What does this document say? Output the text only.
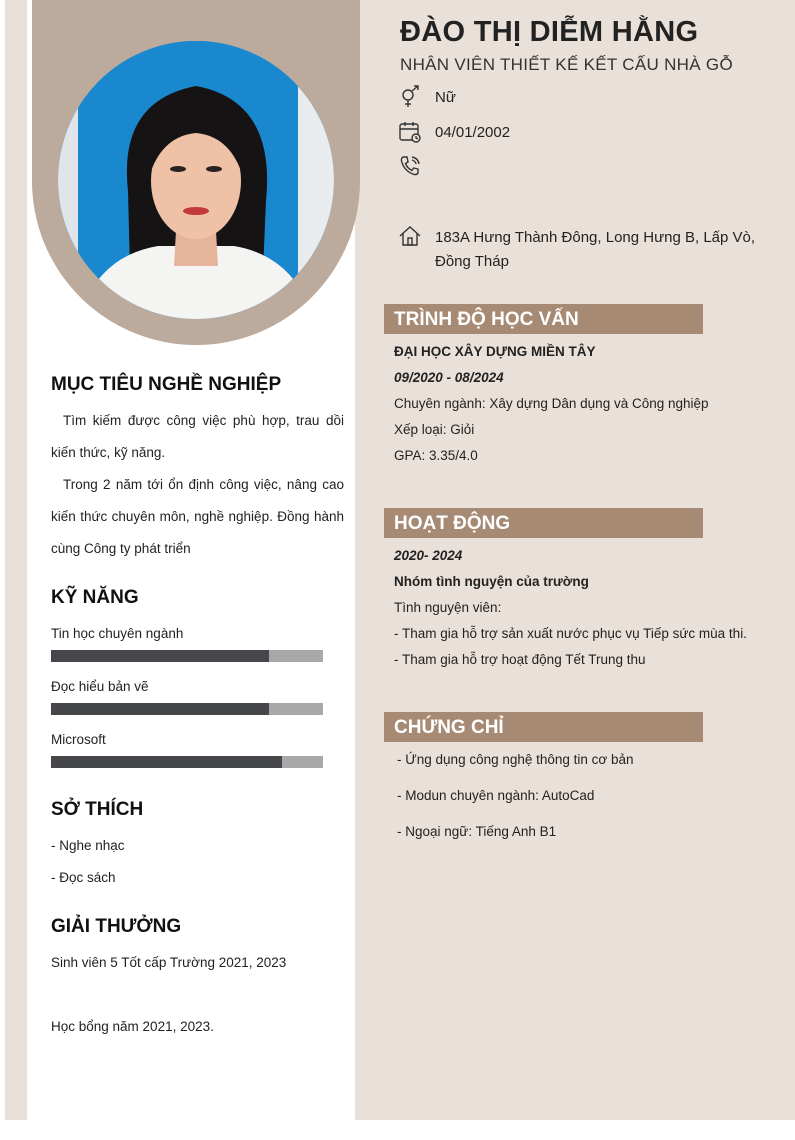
ĐÀO THỊ DIỄM HẰNG
NHÂN VIÊN THIẾT KẾ KẾT CẤU NHÀ GỖ
Nữ
04/01/2002
183A Hưng Thành Đông, Long Hưng B, Lấp Vò,
Đồng Tháp
TRÌNH ĐỘ HỌC VẤN
ĐẠI HỌC XÂY DỰNG MIỀN TÂY
09/2020 - 08/2024
Chuyên ngành: Xây dựng Dân dụng và Công nghiệp
Xếp loại: Giỏi
GPA: 3.35/4.0
HOẠT ĐỘNG
2020- 2024
Nhóm tình nguyện của trường
Tình nguyện viên:
- Tham gia hỗ trợ sản xuất nước phục vụ Tiếp sức mùa thi.
- Tham gia hỗ trợ hoạt động Tết Trung thu
CHỨNG CHỈ
- Ứng dụng công nghệ thông tin cơ bản
- Modun chuyên ngành: AutoCad
- Ngoại ngữ: Tiếng Anh B1
MỤC TIÊU NGHỀ NGHIỆP
Tìm kiếm được công việc phù hợp, trau dồi kiến thức, kỹ năng.
Trong 2 năm tới ổn định công việc, nâng cao kiến thức chuyên môn, nghề nghiệp. Đồng hành cùng Công ty phát triển
KỸ NĂNG
Tin học chuyên ngành
Đọc hiểu bản vẽ
Microsoft
SỞ THÍCH
- Nghe nhạc
- Đọc sách
GIẢI THƯỞNG
Sinh viên 5 Tốt cấp Trường 2021, 2023
Học bổng năm 2021, 2023.
